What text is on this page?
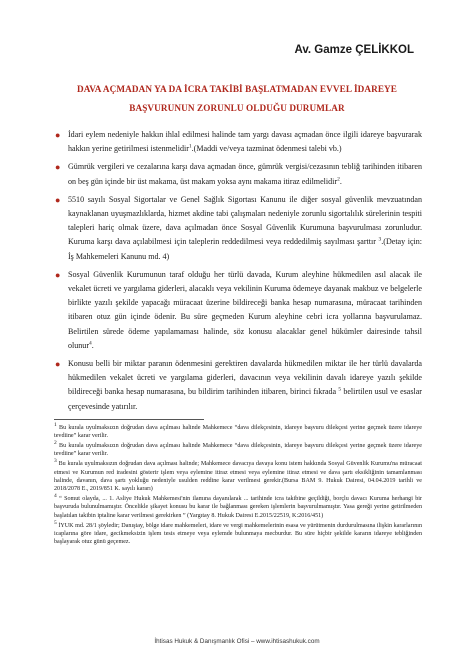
Av. Gamze ÇELİKKOL
DAVA AÇMADAN YA DA İCRA TAKİBİ BAŞLATMADAN EVVEL İDAREYE BAŞVURUNUN ZORUNLU OLDUĞU DURUMLAR
● İdari eylem nedeniyle hakkın ihlal edilmesi halinde tam yargı davası açmadan önce ilgili idareye başvurarak hakkın yerine getirilmesi istenmelidir$^1$.(Maddi ve/veya tazminat ödenmesi talebi vb.)
● Gümrük vergileri ve cezalarına karşı dava açmadan önce, gümrük vergisi/cezasının tebliğ tarihinden itibaren on beş gün içinde bir üst makama, üst makam yoksa aynı makama itiraz edilmelidir$^2$.
● 5510 sayılı Sosyal Sigortalar ve Genel Sağlık Sigortası Kanunu ile diğer sosyal güvenlik mevzuatından kaynaklanan uyuşmazlıklarda, hizmet akdine tabi çalışmaları nedeniyle zorunlu sigortalılık sürelerinin tespiti talepleri hariç olmak üzere, dava açılmadan önce Sosyal Güvenlik Kurumuna başvurulması zorunludur. Kuruma karşı dava açılabilmesi için taleplerin reddedilmesi veya reddedilmiş sayılması şarttır $^3$.(Detay için: İş Mahkemeleri Kanunu md. 4)
● Sosyal Güvenlik Kurumunun taraf olduğu her türlü davada, Kurum aleyhine hükmedilen asıl alacak ile vekalet ücreti ve yargılama giderleri, alacaklı veya vekilinin Kuruma ödemeye dayanak makbuz ve belgelerle birlikte yazılı şekilde yapacağı müracaat üzerine bildireceği banka hesap numarasına, müracaat tarihinden itibaren otuz gün içinde ödenir. Bu süre geçmeden Kurum aleyhine cebri icra yollarına başvurulamaz. Belirtilen sürede ödeme yapılamaması halinde, söz konusu alacaklar genel hükümler dairesinde tahsil olunur$^4$.
● Konusu belli bir miktar paranın ödenmesini gerektiren davalarda hükmedilen miktar ile her türlü davalarda hükmedilen vekalet ücreti ve yargılama giderleri, davacının veya vekilinin davalı idareye yazılı şekilde bildireceği banka hesap numarasına, bu bildirim tarihinden itibaren, birinci fıkrada $^5$ belirtilen usul ve esaslar çerçevesinde yatırılır.
$^1$ Bu kurala uyulmaksızın doğrudan dava açılması halinde Mahkemece “dava dilekçesinin, idareye başvuru dilekçesi yerine geçmek üzere idareye tevdiine” karar verilir.
$^2$ Bu kurala uyulmaksızın doğrudan dava açılması halinde Mahkemece “dava dilekçesinin, idareye başvuru dilekçesi yerine geçmek üzere idareye tevdiine” karar verilir.
$^3$ Bu kurala uyulmaksızın doğrudan dava açılması halinde; Mahkemece davacıya davaya konu istem hakkında Sosyal Güvenlik Kurumu'na müracaat etmesi ve Kurumun red iradesini gösterir işlem veya eylemine itiraz etmesi veya eylemine itiraz etmesi ve dava şartı eksikliğinin tamamlanması halinde, davanın, dava şartı yokluğu nedeniyle usulden reddine karar verilmesi gerekir.(Bursa BAM 9. Hukuk Dairesi, 04.04.2019 tarihli ve 2018/2078 E., 2019/851 K. sayılı kararı)
$^4$ “ Somut olayda, ... 1. Asliye Hukuk Mahkemesi'nin ilamına dayanılarak ... tarihinde icra takibine geçildiği, borçlu davacı Kuruma herhangi bir başvuruda bulunulmamıştır. Öncelikle şikayet konusu bu karar ile bağlanması gereken işlemlerin başvurulmamıştır. Yasa gereği yerine getirilmeden başlatılan takibin iptaline karar verilmesi gerekirken ” (Yargıtay 8. Hukuk Dairesi E.2015/22519, K:2016/451)
$^5$ İYUK md. 28/1 şöyledir; Danıştay, bölge idare mahkemeleri, idare ve vergi mahkemelerinin esasa ve yürütmenin durdurulmasına ilişkin kararlarının icaplarına göre idare, gecikmeksizin işlem tesis etmeye veya eylemde bulunmaya mecburdur. Bu süre hiçbir şekilde kararın idareye tebliğinden başlayarak otuz günü geçemez.
İhtisas Hukuk & Danışmanlık Ofisi – www.ihtisashukuk.com
